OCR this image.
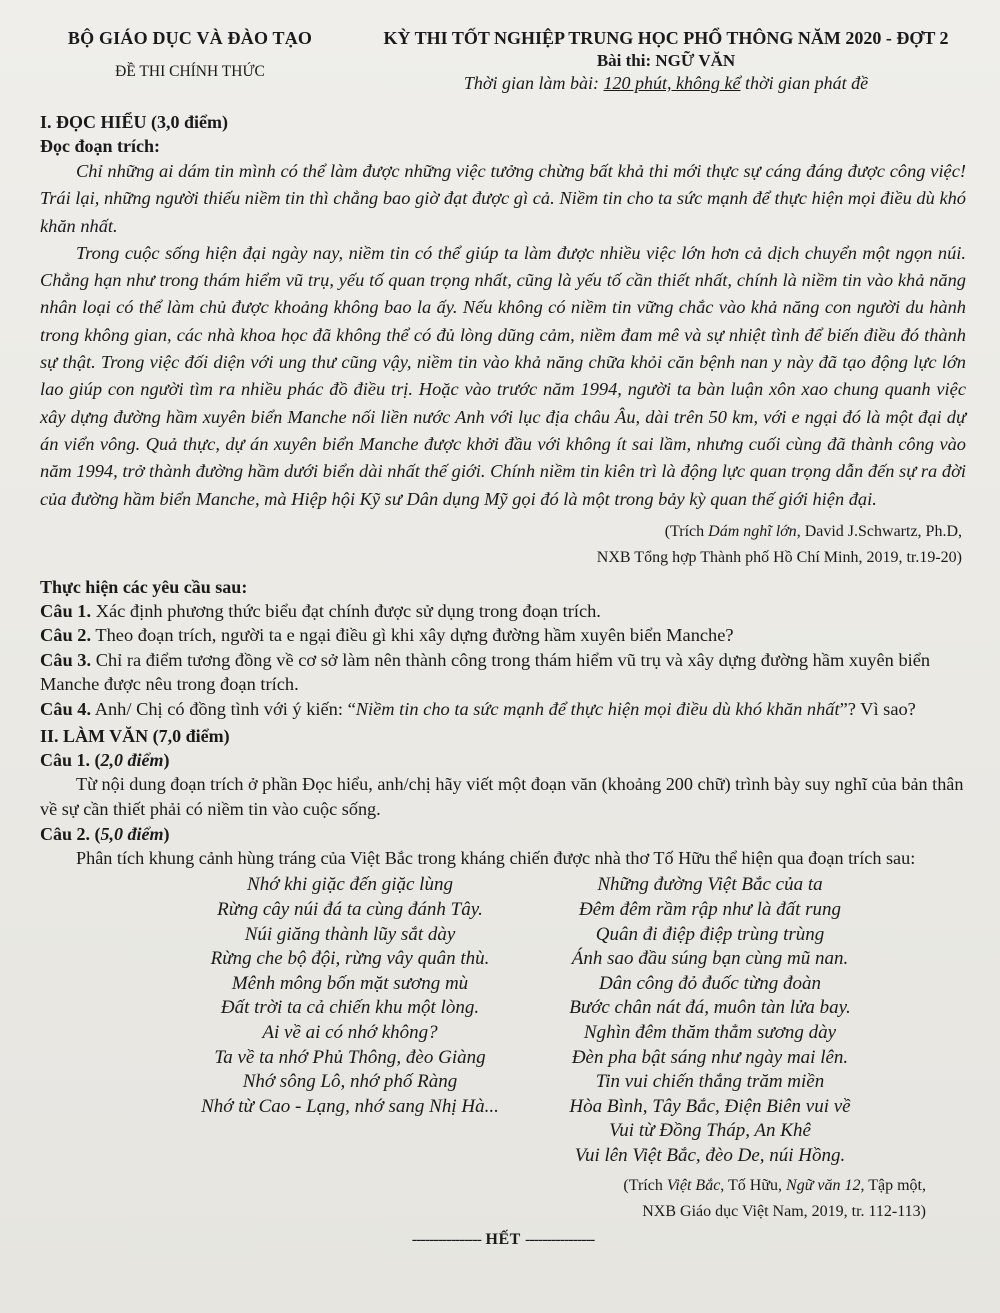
BỘ GIÁO DỤC VÀ ĐÀO TẠO
ĐỀ THI CHÍNH THỨC
KỲ THI TỐT NGHIỆP TRUNG HỌC PHỔ THÔNG NĂM 2020 - ĐỢT 2
Bài thi: NGỮ VĂN
Thời gian làm bài: 120 phút, không kể thời gian phát đề
I. ĐỌC HIỂU (3,0 điểm)
Đọc đoạn trích:

Chỉ những ai dám tin mình có thể làm được những việc tưởng chừng bất khả thi mới thực sự cáng đáng được công việc! Trái lại, những người thiếu niềm tin thì chẳng bao giờ đạt được gì cả. Niềm tin cho ta sức mạnh để thực hiện mọi điều dù khó khăn nhất.

Trong cuộc sống hiện đại ngày nay, niềm tin có thể giúp ta làm được nhiều việc lớn hơn cả dịch chuyển một ngọn núi. Chẳng hạn như trong thám hiểm vũ trụ, yếu tố quan trọng nhất, cũng là yếu tố cần thiết nhất, chính là niềm tin vào khả năng nhân loại có thể làm chủ được khoảng không bao la ấy. Nếu không có niềm tin vững chắc vào khả năng con người du hành trong không gian, các nhà khoa học đã không thể có đủ lòng dũng cảm, niềm đam mê và sự nhiệt tình để biến điều đó thành sự thật. Trong việc đối diện với ung thư cũng vậy, niềm tin vào khả năng chữa khỏi căn bệnh nan y này đã tạo động lực lớn lao giúp con người tìm ra nhiều phác đồ điều trị. Hoặc vào trước năm 1994, người ta bàn luận xôn xao chung quanh việc xây dựng đường hầm xuyên biển Manche nối liền nước Anh với lục địa châu Âu, dài trên 50 km, với e ngại đó là một đại dự án viển vông. Quả thực, dự án xuyên biển Manche được khởi đầu với không ít sai lầm, nhưng cuối cùng đã thành công vào năm 1994, trở thành đường hầm dưới biển dài nhất thế giới. Chính niềm tin kiên trì là động lực quan trọng dẫn đến sự ra đời của đường hầm biển Manche, mà Hiệp hội Kỹ sư Dân dụng Mỹ gọi đó là một trong bảy kỳ quan thế giới hiện đại.

(Trích Dám nghĩ lớn, David J.Schwartz, Ph.D,
NXB Tổng hợp Thành phố Hồ Chí Minh, 2019, tr.19-20)
Thực hiện các yêu cầu sau:

Câu 1. Xác định phương thức biểu đạt chính được sử dụng trong đoạn trích.

Câu 2. Theo đoạn trích, người ta e ngại điều gì khi xây dựng đường hầm xuyên biển Manche?

Câu 3. Chỉ ra điểm tương đồng về cơ sở làm nên thành công trong thám hiểm vũ trụ và xây dựng đường hầm xuyên biển Manche được nêu trong đoạn trích.

Câu 4. Anh/ Chị có đồng tình với ý kiến: “Niềm tin cho ta sức mạnh để thực hiện mọi điều dù khó khăn nhất”? Vì sao?

II. LÀM VĂN (7,0 điểm)
Câu 1. (2,0 điểm)

Từ nội dung đoạn trích ở phần Đọc hiểu, anh/chị hãy viết một đoạn văn (khoảng 200 chữ) trình bày suy nghĩ của bản thân về sự cần thiết phải có niềm tin vào cuộc sống.

Câu 2. (5,0 điểm)

Phân tích khung cảnh hùng tráng của Việt Bắc trong kháng chiến được nhà thơ Tố Hữu thể hiện qua đoạn trích sau:

Nhớ khi giặc đến giặc lùng
Rừng cây núi đá ta cùng đánh Tây.
Núi giăng thành lũy sắt dày
Rừng che bộ đội, rừng vây quân thù.
Mênh mông bốn mặt sương mù
Đất trời ta cả chiến khu một lòng.
Ai về ai có nhớ không?
Ta về ta nhớ Phủ Thông, đèo Giàng
Nhớ sông Lô, nhớ phố Ràng
Nhớ từ Cao - Lạng, nhớ sang Nhị Hà...
Những đường Việt Bắc của ta
Đêm đêm rầm rập như là đất rung
Quân đi điệp điệp trùng trùng
Ánh sao đầu súng bạn cùng mũ nan.
Dân công đỏ đuốc từng đoàn
Bước chân nát đá, muôn tàn lửa bay.
Nghìn đêm thăm thẳm sương dày
Đèn pha bật sáng như ngày mai lên.
Tin vui chiến thắng trăm miền
Hòa Bình, Tây Bắc, Điện Biên vui về
Vui từ Đồng Tháp, An Khê
Vui lên Việt Bắc, đèo De, núi Hồng.
(Trích Việt Bắc, Tố Hữu, Ngữ văn 12, Tập một,
NXB Giáo dục Việt Nam, 2019, tr. 112-113)
---------------- HẾT ----------------
